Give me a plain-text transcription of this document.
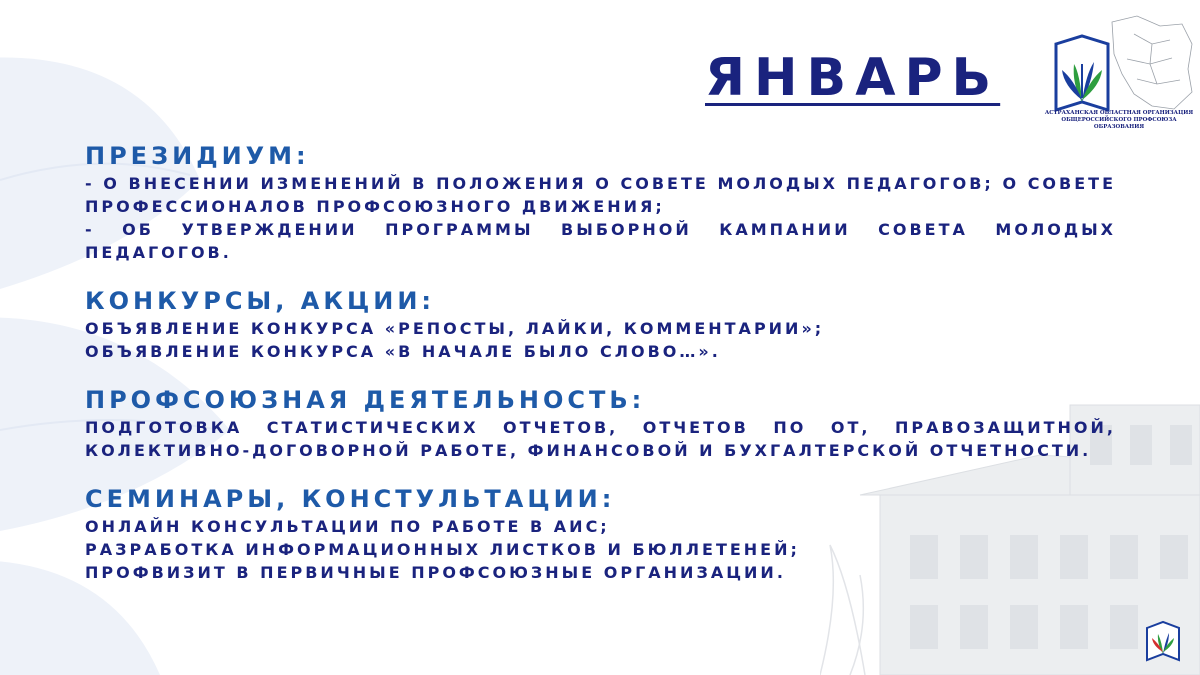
ЯНВАРЬ
АСТРАХАНСКАЯ ОБЛАСТНАЯ ОРГАНИЗАЦИЯ
ОБЩЕРОССИЙСКОГО ПРОФСОЮЗА ОБРАЗОВАНИЯ
ПРЕЗИДИУМ:
- О ВНЕСЕНИИ ИЗМЕНЕНИЙ В ПОЛОЖЕНИЯ О СОВЕТЕ МОЛОДЫХ ПЕДАГОГОВ; О СОВЕТЕ ПРОФЕССИОНАЛОВ ПРОФСОЮЗНОГО ДВИЖЕНИЯ;
- ОБ УТВЕРЖДЕНИИ ПРОГРАММЫ ВЫБОРНОЙ КАМПАНИИ СОВЕТА МОЛОДЫХ ПЕДАГОГОВ.
КОНКУРСЫ, АКЦИИ:
ОБЪЯВЛЕНИЕ КОНКУРСА «РЕПОСТЫ, ЛАЙКИ, КОММЕНТАРИИ»;
ОБЪЯВЛЕНИЕ КОНКУРСА «В НАЧАЛЕ БЫЛО СЛОВО…».
ПРОФСОЮЗНАЯ ДЕЯТЕЛЬНОСТЬ:
ПОДГОТОВКА СТАТИСТИЧЕСКИХ ОТЧЕТОВ, ОТЧЕТОВ ПО ОТ, ПРАВОЗАЩИТНОЙ, КОЛЕКТИВНО-ДОГОВОРНОЙ РАБОТЕ, ФИНАНСОВОЙ И БУХГАЛТЕРСКОЙ ОТЧЕТНОСТИ.
СЕМИНАРЫ, КОНСТУЛЬТАЦИИ:
ОНЛАЙН КОНСУЛЬТАЦИИ ПО РАБОТЕ В АИС;
РАЗРАБОТКА ИНФОРМАЦИОННЫХ ЛИСТКОВ И БЮЛЛЕТЕНЕЙ;
ПРОФВИЗИТ В ПЕРВИЧНЫЕ ПРОФСОЮЗНЫЕ ОРГАНИЗАЦИИ.
